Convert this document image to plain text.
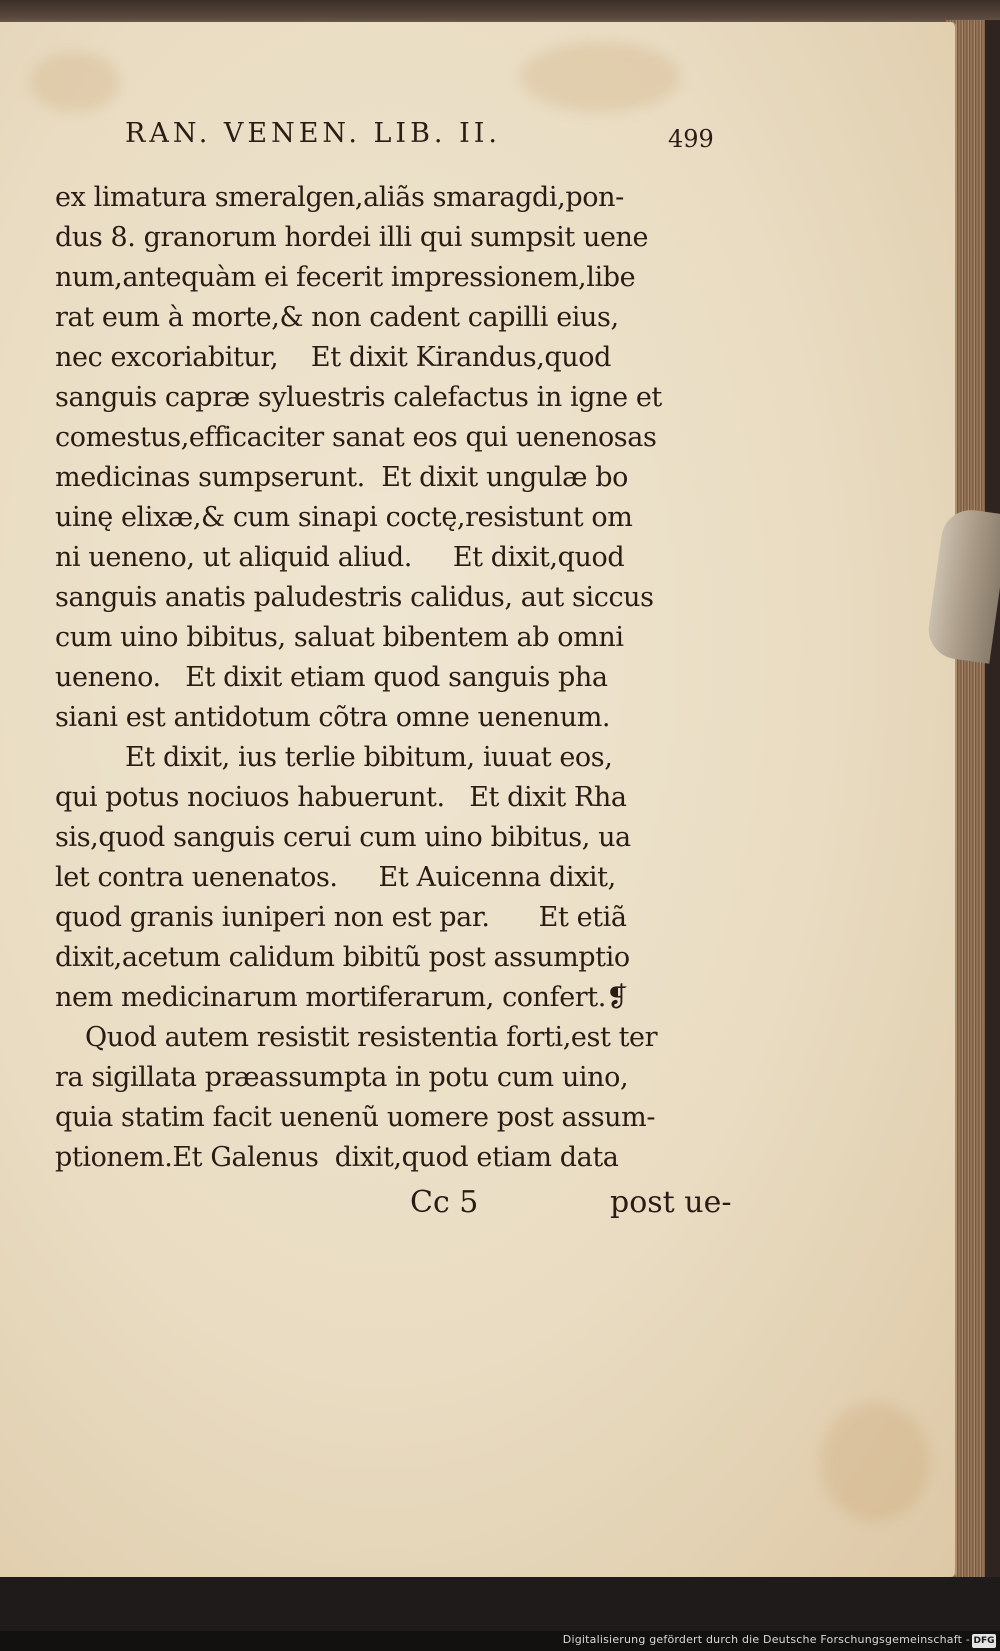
RAN. VENEN. LIB. II.	499
ex limatura smeralgen,aliãs smaragdi,pon-
dus 8. granorum hordei illi qui sumpsit uene
num,antequàm ei fecerit impressionem,libe
rat eum à morte,& non cadent capilli eius,
nec excoriabitur,    Et dixit Kirandus,quod
sanguis capræ syluestris calefactus in igne et
comestus,efficaciter sanat eos qui uenenosas
medicinas sumpserunt.  Et dixit ungulæ bo
uinę elixæ,& cum sinapi coctę,resistunt om
ni ueneno, ut aliquid aliud.     Et dixit,quod
sanguis anatis paludestris calidus, aut siccus
cum uino bibitus, saluat bibentem ab omni
ueneno.   Et dixit etiam quod sanguis pha
siani est antidotum cõtra omne uenenum.
Et dixit, ius terlie bibitum, iuuat eos,
qui potus nociuos habuerunt.   Et dixit Rha
sis,quod sanguis cerui cum uino bibitus, ua
let contra uenenatos.     Et Auicenna dixit,
quod granis iuniperi non est par.      Et etiã
dixit,acetum calidum bibitũ post assumptio
nem medicinarum mortiferarum, confert.❡
Quod autem resistit resistentia forti,est ter
ra sigillata præassumpta in potu cum uino,
quia statim facit uenenũ uomere post assum-
ptionem.Et Galenus  dixit,quod etiam data
Cc 5	post ue-
Digitalisierung gefördert durch die Deutsche Forschungsgemeinschaft - DFG
